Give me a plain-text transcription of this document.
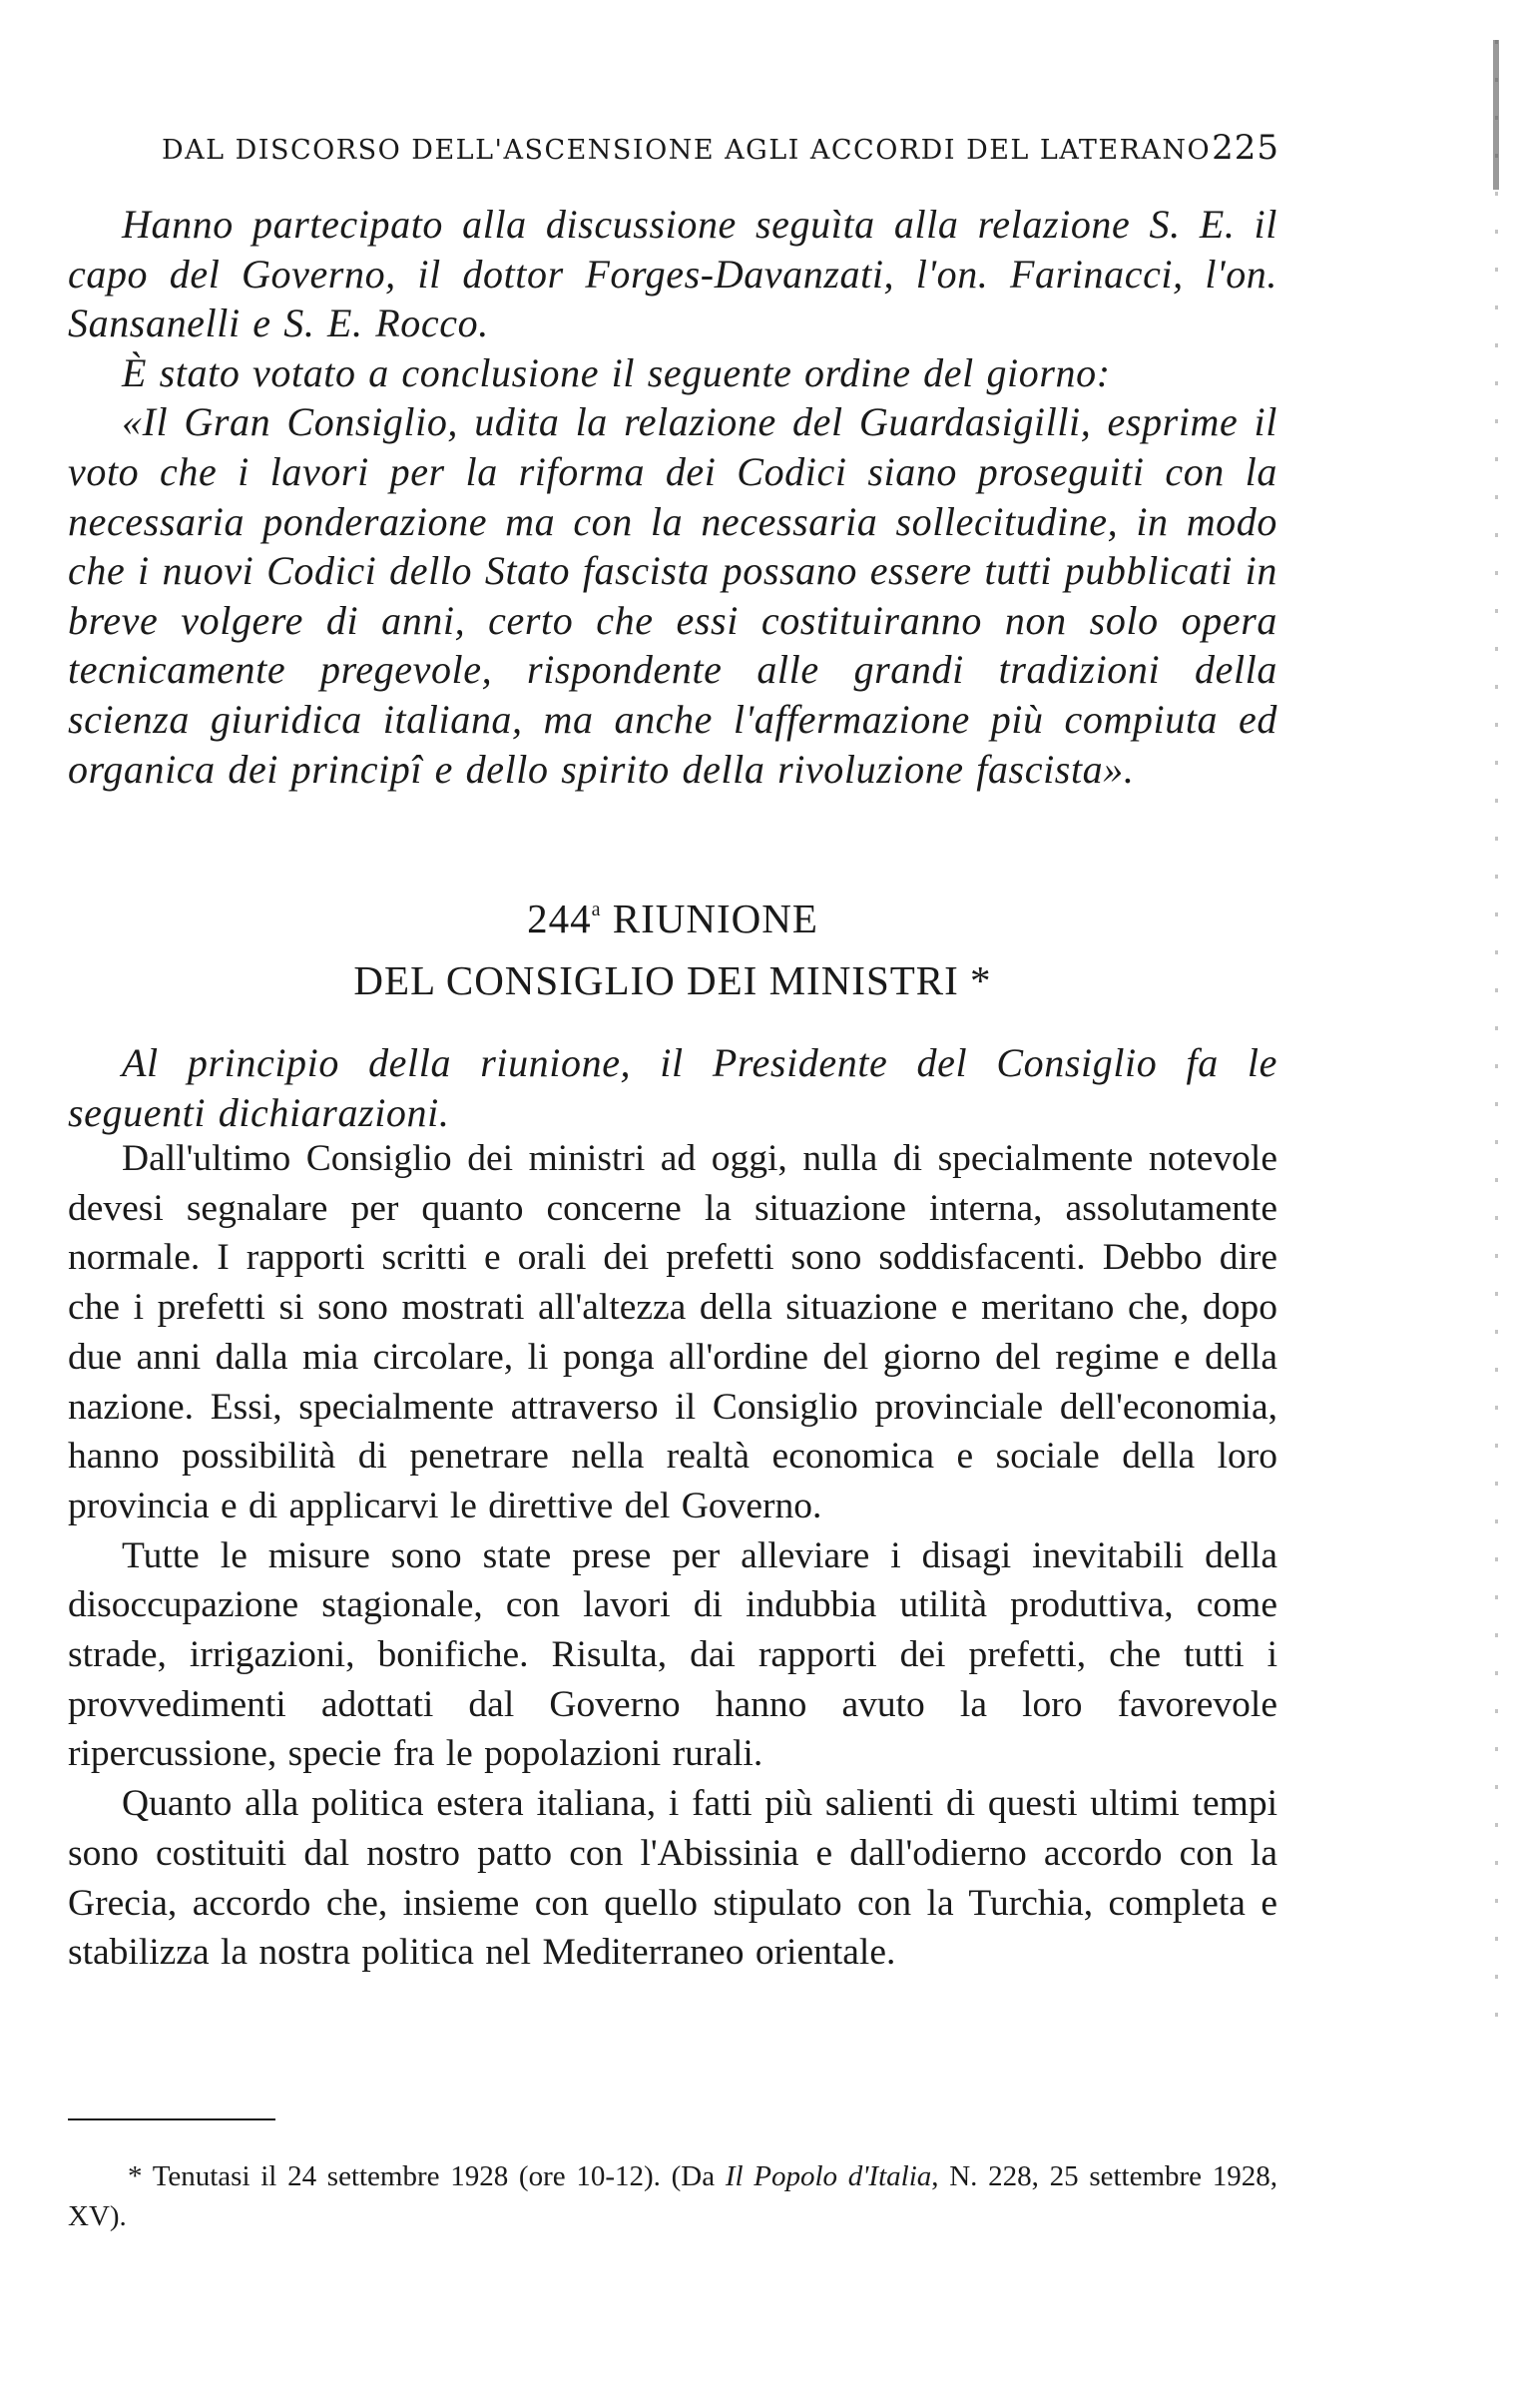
DAL DISCORSO DELL'ASCENSIONE AGLI ACCORDI DEL LATERANO 225

Hanno partecipato alla discussione seguìta alla relazione S. E. il capo del Governo, il dottor Forges-Davanzati, l'on. Farinacci, l'on. Sansanelli e S. E. Rocco.

È stato votato a conclusione il seguente ordine del giorno:

«Il Gran Consiglio, udita la relazione del Guardasigilli, esprime il voto che i lavori per la riforma dei Codici siano proseguiti con la necessaria ponderazione ma con la necessaria sollecitudine, in modo che i nuovi Codici dello Stato fascista possano essere tutti pubblicati in breve volgere di anni, certo che essi costituiranno non solo opera tecnicamente pregevole, rispondente alle grandi tradizioni della scienza giuridica italiana, ma anche l'affermazione più compiuta ed organica dei principî e dello spirito della rivoluzione fascista».

244$^a$ RIUNIONE
DEL CONSIGLIO DEI MINISTRI *

Al principio della riunione, il Presidente del Consiglio fa le seguenti dichiarazioni.

Dall'ultimo Consiglio dei ministri ad oggi, nulla di specialmente notevole devesi segnalare per quanto concerne la situazione interna, assolutamente normale. I rapporti scritti e orali dei prefetti sono soddisfacenti. Debbo dire che i prefetti si sono mostrati all'altezza della situazione e meritano che, dopo due anni dalla mia circolare, li ponga all'ordine del giorno del regime e della nazione. Essi, specialmente attraverso il Consiglio provinciale dell'economia, hanno possibilità di penetrare nella realtà economica e sociale della loro provincia e di applicarvi le direttive del Governo.

Tutte le misure sono state prese per alleviare i disagi inevitabili della disoccupazione stagionale, con lavori di indubbia utilità produttiva, come strade, irrigazioni, bonifiche. Risulta, dai rapporti dei prefetti, che tutti i provvedimenti adottati dal Governo hanno avuto la loro favorevole ripercussione, specie fra le popolazioni rurali.

Quanto alla politica estera italiana, i fatti più salienti di questi ultimi tempi sono costituiti dal nostro patto con l'Abissinia e dall'odierno accordo con la Grecia, accordo che, insieme con quello stipulato con la Turchia, completa e stabilizza la nostra politica nel Mediterraneo orientale.

* Tenutasi il 24 settembre 1928 (ore 10-12). (Da Il Popolo d'Italia, N. 228, 25 settembre 1928, XV).
